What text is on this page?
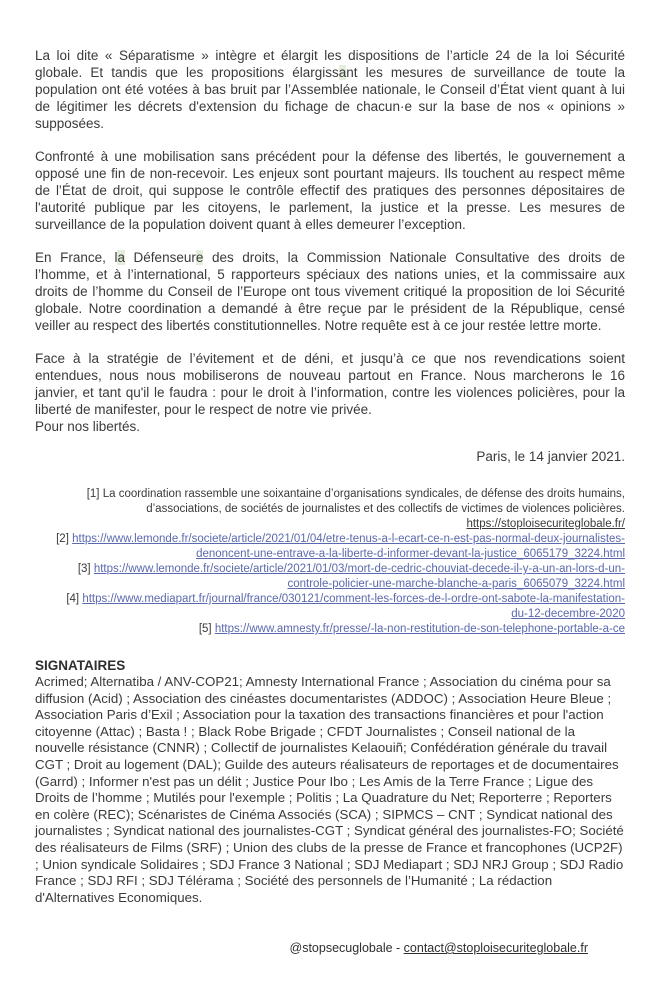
La loi dite « Séparatisme » intègre et élargit les dispositions de l’article 24 de la loi Sécurité globale. Et tandis que les propositions élargissant les mesures de surveillance de toute la population ont été votées à bas bruit par l’Assemblée nationale, le Conseil d’État vient quant à lui de légitimer les décrets d'extension du fichage de chacun·e sur la base de nos « opinions » supposées.

Confronté à une mobilisation sans précédent pour la défense des libertés, le gouvernement a opposé une fin de non-recevoir. Les enjeux sont pourtant majeurs. Ils touchent au respect même de l’État de droit, qui suppose le contrôle effectif des pratiques des personnes dépositaires de l'autorité publique par les citoyens, le parlement, la justice et la presse. Les mesures de surveillance de la population doivent quant à elles demeurer l’exception.

En France, la Défenseure des droits, la Commission Nationale Consultative des droits de l’homme, et à l’international, 5 rapporteurs spéciaux des nations unies, et la commissaire aux droits de l’homme du Conseil de l’Europe ont tous vivement critiqué la proposition de loi Sécurité globale. Notre coordination a demandé à être reçue par le président de la République, censé veiller au respect des libertés constitutionnelles. Notre requête est à ce jour restée lettre morte.

Face à la stratégie de l’évitement et de déni, et jusqu’à ce que nos revendications soient entendues, nous nous mobiliserons de nouveau partout en France. Nous marcherons le 16 janvier, et tant qu'il le faudra : pour le droit à l’information, contre les violences policières, pour la liberté de manifester, pour le respect de notre vie privée.
Pour nos libertés.

Paris, le 14 janvier 2021.

[1] La coordination rassemble une soixantaine d’organisations syndicales, de défense des droits humains, d’associations, de sociétés de journalistes et des collectifs de victimes de violences policières. https://stoploisecuriteglobale.fr/

[2] https://www.lemonde.fr/societe/article/2021/01/04/etre-tenus-a-l-ecart-ce-n-est-pas-normal-deux-journalistes-denoncent-une-entrave-a-la-liberte-d-informer-devant-la-justice_6065179_3224.html

[3] https://www.lemonde.fr/societe/article/2021/01/03/mort-de-cedric-chouviat-decede-il-y-a-un-an-lors-d-un-controle-policier-une-marche-blanche-a-paris_6065079_3224.html

[4] https://www.mediapart.fr/journal/france/030121/comment-les-forces-de-l-ordre-ont-sabote-la-manifestation-du-12-decembre-2020

[5] https://www.amnesty.fr/presse/-la-non-restitution-de-son-telephone-portable-a-ce

SIGNATAIRES

Acrimed; Alternatiba / ANV-COP21; Amnesty International France ; Association du cinéma pour sa diffusion (Acid) ; Association des cinéastes documentaristes (ADDOC) ; Association Heure Bleue ; Association Paris d’Exil ; Association pour la taxation des transactions financières et pour l'action citoyenne (Attac) ; Basta ! ; Black Robe Brigade ; CFDT Journalistes ; Conseil national de la nouvelle résistance (CNNR) ; Collectif de journalistes Kelaouiñ; Confédération générale du travail CGT ; Droit au logement (DAL); Guilde des auteurs réalisateurs de reportages et de documentaires (Garrd) ; Informer n'est pas un délit ; Justice Pour Ibo ; Les Amis de la Terre France ; Ligue des Droits de l’homme ; Mutilés pour l'exemple ; Politis ; La Quadrature du Net; Reporterre ; Reporters en colère (REC); Scénaristes de Cinéma Associés (SCA) ; SIPMCS – CNT ; Syndicat national des journalistes ; Syndicat national des journalistes-CGT ; Syndicat général des journalistes-FO; Société des réalisateurs de Films (SRF) ; Union des clubs de la presse de France et francophones (UCP2F) ; Union syndicale Solidaires ; SDJ France 3 National ; SDJ Mediapart ; SDJ NRJ Group ; SDJ Radio France ; SDJ RFI ; SDJ Télérama ; Société des personnels de l’Humanité ; La rédaction d'Alternatives Economiques.

@stopsecuglobale - contact@stoploisecuriteglobale.fr
